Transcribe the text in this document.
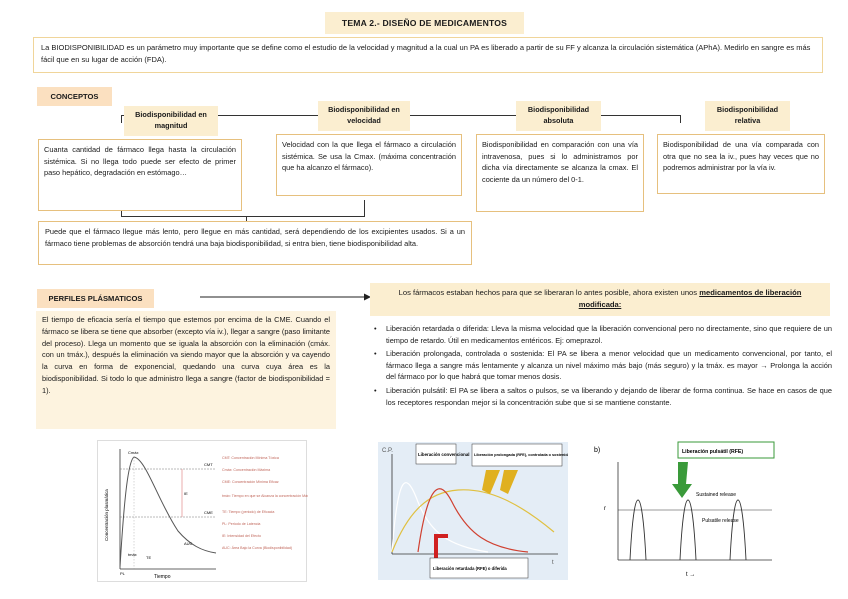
TEMA 2.- DISEÑO DE MEDICAMENTOS
La BIODISPONIBILIDAD es un parámetro muy importante que se define como el estudio de la velocidad y magnitud a la cual un PA es liberado a partir de su FF y alcanza la circulación sistemática (APhA). Medirlo en sangre es más fácil que en su lugar de acción (FDA).
CONCEPTOS
Biodisponibilidad en magnitud
Biodisponibilidad en velocidad
Biodisponibilidad absoluta
Biodisponibilidad relativa
Cuanta cantidad de fármaco llega hasta la circulación sistémica. Si no llega todo puede ser efecto de primer paso hepático, degradación en estómago…
Velocidad con la que llega el fármaco a circulación sistémica. Se usa la Cmax. (máxima concentración que ha alcanzo el fármaco).
Biodisponibilidad en comparación con una vía intravenosa, pues si lo administramos por dicha vía directamente se alcanza la cmax. El cociente da un número del 0-1.
Biodisponibilidad de una vía comparada con otra que no sea la iv., pues hay veces que no podremos administrar por la vía iv.
Puede que el fármaco llegue más lento, pero llegue en más cantidad, será dependiendo de los excipientes usados. Si a un fármaco tiene problemas de absorción tendrá una baja biodisponibilidad, si entra bien, tiene biodisponibilidad alta.
PERFILES PLÁSMATICOS
El tiempo de eficacia sería el tiempo que estemos por encima de la CME. Cuando el fármaco se libera se tiene que absorber (excepto vía iv.), llegar a sangre (paso limitante del proceso). Llega un momento que se iguala la absorción con la eliminación (cmáx. con un tmáx.), después la eliminación va siendo mayor que la absorción y va cayendo la curva en forma de exponencial, quedando una curva cuya área es la biodisponibilidad. Si todo lo que administro llega a sangre (factor de biodisponibilidad = 1).
Los fármacos estaban hechos para que se liberaran lo antes posible, ahora existen unos medicamentos de liberación modificada:
• Liberación retardada o diferida: Lleva la misma velocidad que la liberación convencional pero no directamente, sino que requiere de un tiempo de retardo. Útil en medicamentos entéricos. Ej: omeprazol.
• Liberación prolongada, controlada o sostenida: El PA se libera a menor velocidad que un medicamento convencional, por tanto, el fármaco llega a sangre más lentamente y alcanza un nivel máximo más bajo (más seguro) y la tmáx. es mayor → Prolonga la acción del fármaco por lo que habrá que tomar menos dosis.
• Liberación pulsátil: El PA se libera a saltos o pulsos, se va liberando y dejando de liberar de forma continua. Se hace en casos de que los receptores respondan mejor si la concentración sube que si se mantiene constante.
Concentración plasmática
Tiempo
Cmáx
tmáx
CMT
CME
IE
TE
AUC
PL
CMT: Concentración Mínima Tóxica
Cmáx: Concentración Máxima
CME: Concentración Mínima Eficaz
tmáx: Tiempo en que se Alcanza la concentración Máxima
TE: Tiempo (periodo) de Eficacia
PL: Periodo de Latencia
IE: Intensidad del Efecto
AUC: Área Bajo la Curva (Biodisponibilidad)
C.P.
t
Liberación convencional Liberación prolongada (RFE), controlada o sostenida
Liberación retardada (RFE) o diferida
b)	Liberación pulsátil (RFE)
r
t →
Sustained release
Pulsatile release
